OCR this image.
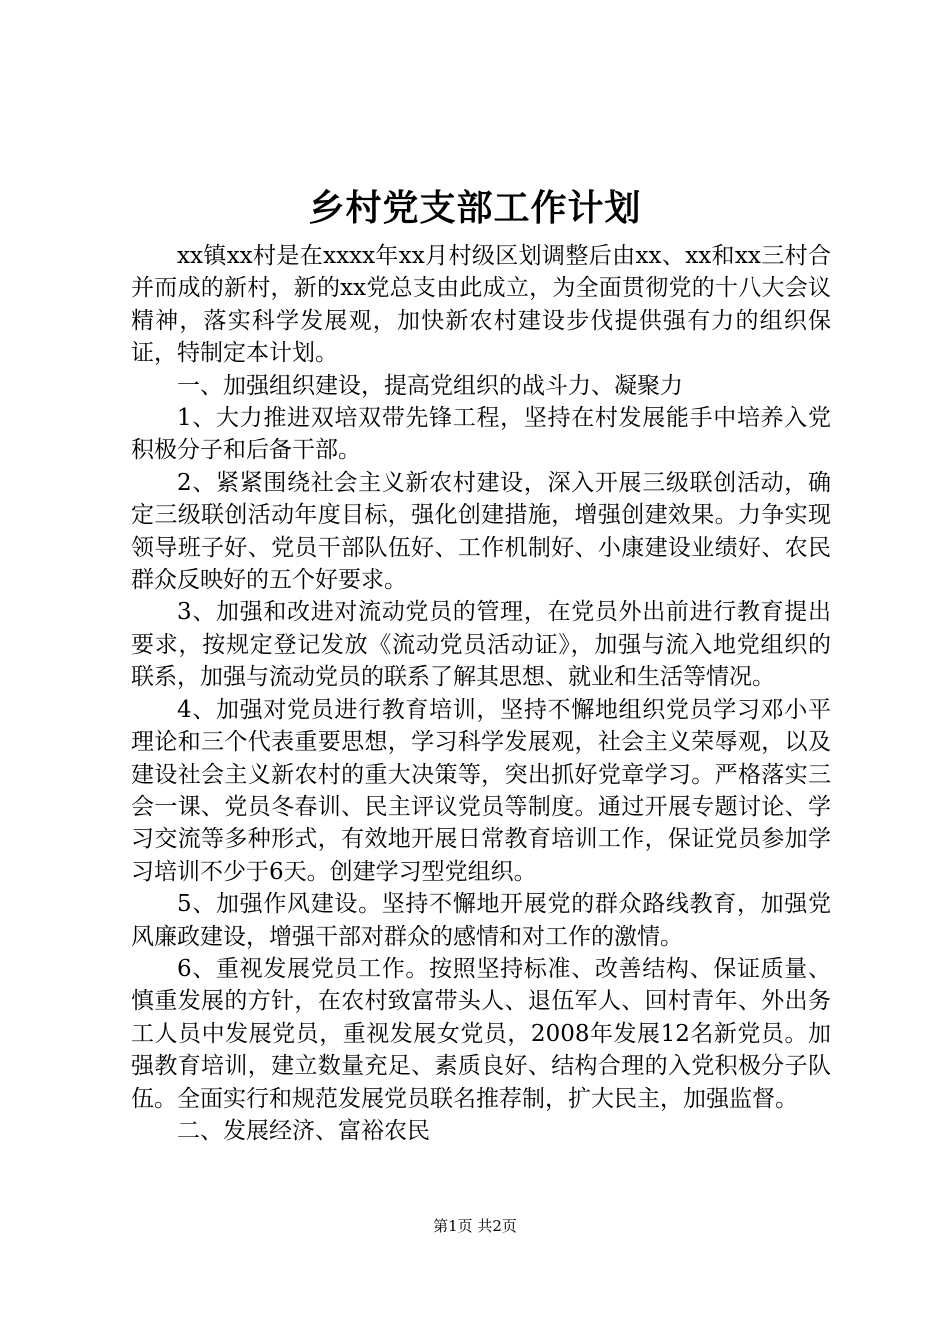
乡村党支部工作计划

xx镇xx村是在xxxx年xx月村级区划调整后由xx、xx和xx三村合并而成的新村，新的xx党总支由此成立，为全面贯彻党的十八大会议精神，落实科学发展观，加快新农村建设步伐提供强有力的组织保证，特制定本计划。

一、加强组织建设，提高党组织的战斗力、凝聚力

1、大力推进双培双带先锋工程，坚持在村发展能手中培养入党积极分子和后备干部。

2、紧紧围绕社会主义新农村建设，深入开展三级联创活动，确定三级联创活动年度目标，强化创建措施，增强创建效果。力争实现领导班子好、党员干部队伍好、工作机制好、小康建设业绩好、农民群众反映好的五个好要求。

3、加强和改进对流动党员的管理，在党员外出前进行教育提出要求，按规定登记发放《流动党员活动证》，加强与流入地党组织的联系，加强与流动党员的联系了解其思想、就业和生活等情况。

4、加强对党员进行教育培训，坚持不懈地组织党员学习邓小平理论和三个代表重要思想，学习科学发展观，社会主义荣辱观，以及建设社会主义新农村的重大决策等，突出抓好党章学习。严格落实三会一课、党员冬春训、民主评议党员等制度。通过开展专题讨论、学习交流等多种形式，有效地开展日常教育培训工作，保证党员参加学习培训不少于6天。创建学习型党组织。

5、加强作风建设。坚持不懈地开展党的群众路线教育，加强党风廉政建设，增强干部对群众的感情和对工作的激情。

6、重视发展党员工作。按照坚持标准、改善结构、保证质量、慎重发展的方针，在农村致富带头人、退伍军人、回村青年、外出务工人员中发展党员，重视发展女党员，2008年发展12名新党员。加强教育培训，建立数量充足、素质良好、结构合理的入党积极分子队伍。全面实行和规范发展党员联名推荐制，扩大民主，加强监督。

二、发展经济、富裕农民

第1页 共2页
